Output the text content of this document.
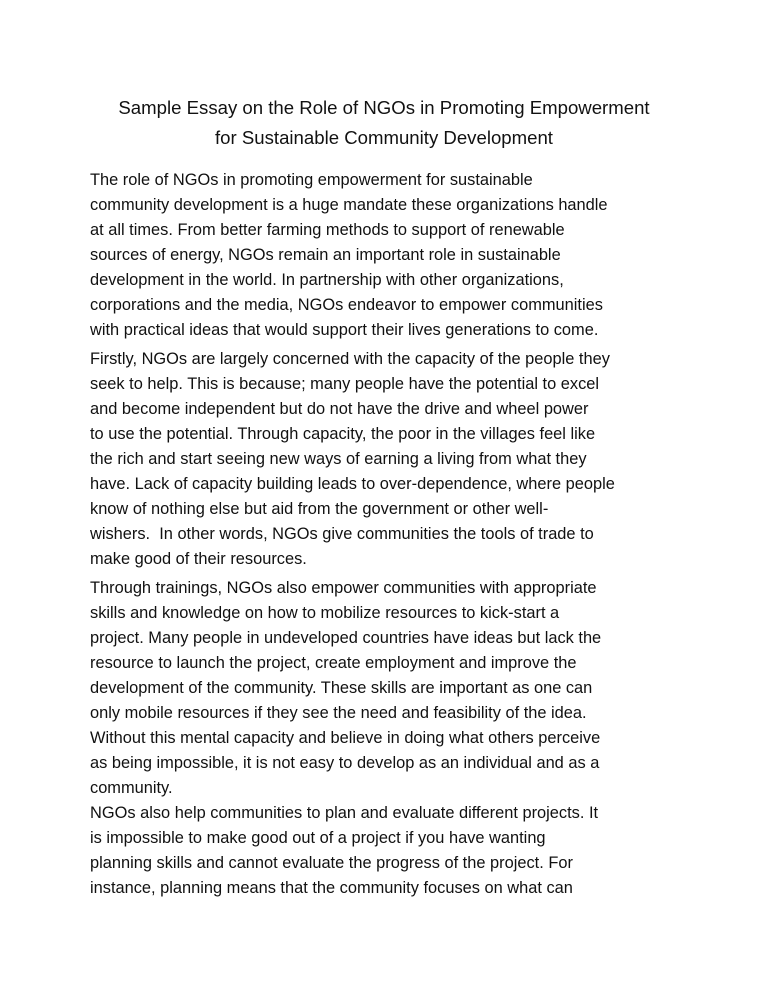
Sample Essay on the Role of NGOs in Promoting Empowerment
for Sustainable Community Development

The role of NGOs in promoting empowerment for sustainable
community development is a huge mandate these organizations handle
at all times. From better farming methods to support of renewable
sources of energy, NGOs remain an important role in sustainable
development in the world. In partnership with other organizations,
corporations and the media, NGOs endeavor to empower communities
with practical ideas that would support their lives generations to come.

Firstly, NGOs are largely concerned with the capacity of the people they
seek to help. This is because; many people have the potential to excel
and become independent but do not have the drive and wheel power
to use the potential. Through capacity, the poor in the villages feel like
the rich and start seeing new ways of earning a living from what they
have. Lack of capacity building leads to over-dependence, where people
know of nothing else but aid from the government or other well-
wishers.  In other words, NGOs give communities the tools of trade to
make good of their resources.

Through trainings, NGOs also empower communities with appropriate
skills and knowledge on how to mobilize resources to kick-start a
project. Many people in undeveloped countries have ideas but lack the
resource to launch the project, create employment and improve the
development of the community. These skills are important as one can
only mobile resources if they see the need and feasibility of the idea.
Without this mental capacity and believe in doing what others perceive
as being impossible, it is not easy to develop as an individual and as a
community.

NGOs also help communities to plan and evaluate different projects. It
is impossible to make good out of a project if you have wanting
planning skills and cannot evaluate the progress of the project. For
instance, planning means that the community focuses on what can
